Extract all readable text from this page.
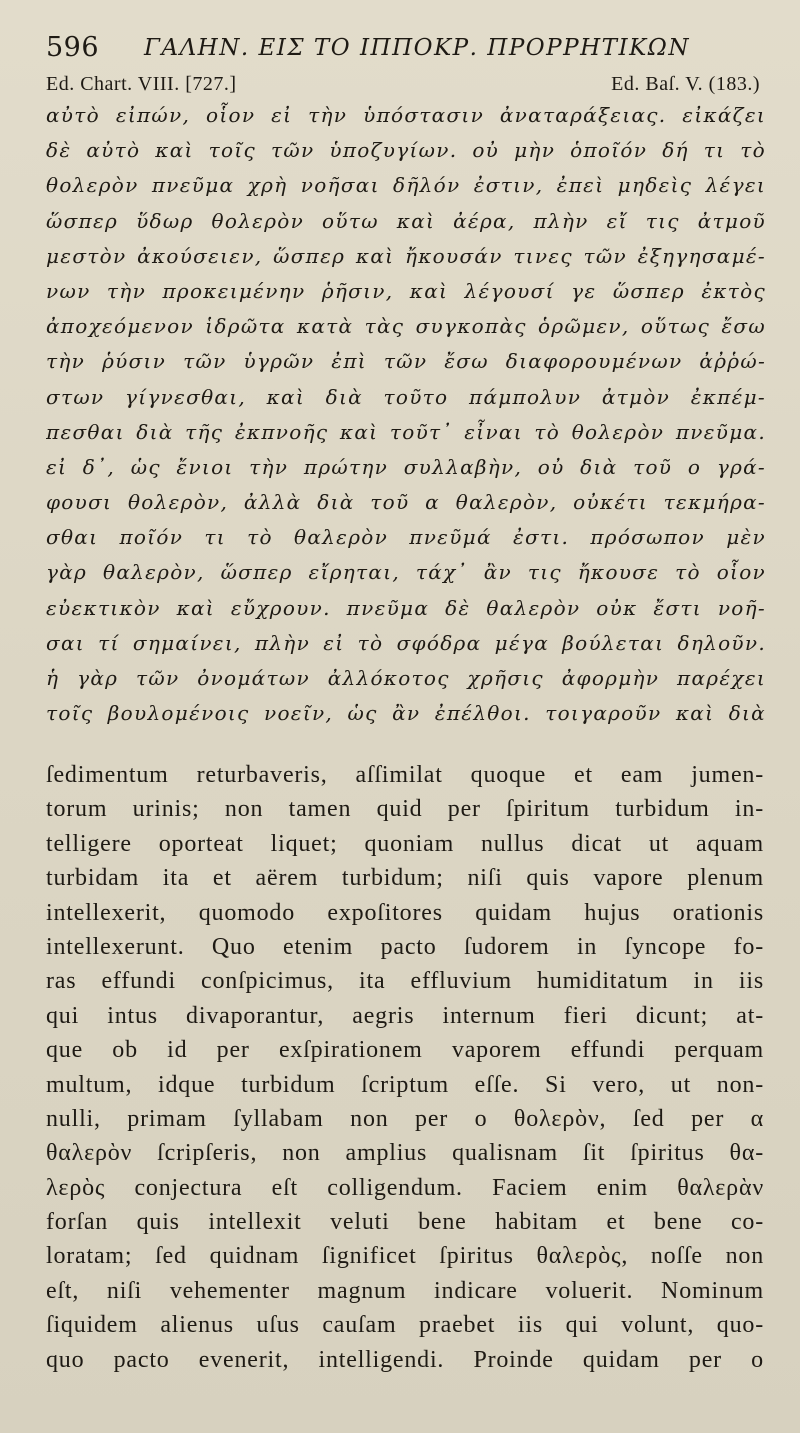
596 ΓΑΛΗΝ. ΕΙΣ ΤΟ ΙΠΠΟΚΡ. ΠΡΟΡΡΗΤΙΚΩΝ
Ed. Chart. VIII. [727.]	Ed. Baſ. V. (183.)
αὐτὸ εἰπών, οἷον εἰ τὴν ὑπόστασιν ἀναταράξειας. εἰκάζει
δὲ αὐτὸ καὶ τοῖς τῶν ὑποζυγίων. οὐ μὴν ὁποῖόν δή τι τὸ
θολερὸν πνεῦμα χρὴ νοῆσαι δῆλόν ἐστιν, ἐπεὶ μηδεὶς λέγει
ὥσπερ ὕδωρ θολερὸν οὕτω καὶ ἀέρα, πλὴν εἴ τις ἀτμοῦ
μεστὸν ἀκούσειεν, ὥσπερ καὶ ἤκουσάν τινες τῶν ἐξηγησαμέ-
νων τὴν προκειμένην ῥῆσιν, καὶ λέγουσί γε ὥσπερ ἐκτὸς
ἀποχεόμενον ἱδρῶτα κατὰ τὰς συγκοπὰς ὁρῶμεν, οὕτως ἔσω
τὴν ῥύσιν τῶν ὑγρῶν ἐπὶ τῶν ἔσω διαφορουμένων ἀῤῥώ-
στων γίγνεσθαι, καὶ διὰ τοῦτο πάμπολυν ἀτμὸν ἐκπέμ-
πεσθαι διὰ τῆς ἐκπνοῆς καὶ τοῦτ᾽ εἶναι τὸ θολερὸν πνεῦμα.
εἰ δ᾽, ὡς ἔνιοι τὴν πρώτην συλλαβὴν, οὐ διὰ τοῦ ο γρά-
φουσι θολερὸν, ἀλλὰ διὰ τοῦ α θαλερὸν, οὐκέτι τεκμήρα-
σθαι ποῖόν τι τὸ θαλερὸν πνεῦμά ἐστι. πρόσωπον μὲν
γὰρ θαλερὸν, ὥσπερ εἴρηται, τάχ᾽ ἂν τις ἤκουσε τὸ οἷον
εὐεκτικὸν καὶ εὔχρουν. πνεῦμα δὲ θαλερὸν οὐκ ἔστι νοῆ-
σαι τί σημαίνει, πλὴν εἰ τὸ σφόδρα μέγα βούλεται δηλοῦν.
ἡ γὰρ τῶν ὀνομάτων ἀλλόκοτος χρῆσις ἀφορμὴν παρέχει
τοῖς βουλομένοις νοεῖν, ὡς ἂν ἐπέλθοι. τοιγαροῦν καὶ διὰ
ſedimentum returbaveris, aſſimilat quoque et eam jumen-
torum urinis; non tamen quid per ſpiritum turbidum in-
telligere oporteat liquet; quoniam nullus dicat ut aquam
turbidam ita et aërem turbidum; niſi quis vapore plenum
intellexerit, quomodo expoſitores quidam hujus orationis
intellexerunt. Quo etenim pacto ſudorem in ſyncope fo-
ras effundi conſpicimus, ita effluvium humiditatum in iis
qui intus divaporantur, aegris internum fieri dicunt; at-
que ob id per exſpirationem vaporem effundi perquam
multum, idque turbidum ſcriptum eſſe. Si vero, ut non-
nulli, primam ſyllabam non per ο θολερὸν, ſed per α
θαλερὸν ſcripſeris, non amplius qualisnam ſit ſpiritus θα-
λερὸς conjectura eſt colligendum. Faciem enim θαλερὰν
forſan quis intellexit veluti bene habitam et bene co-
loratam; ſed quidnam ſignificet ſpiritus θαλερὸς, noſſe non
eſt, niſi vehementer magnum indicare voluerit. Nominum
ſiquidem alienus uſus cauſam praebet iis qui volunt, quo-
quo pacto evenerit, intelligendi. Proinde quidam per ο
